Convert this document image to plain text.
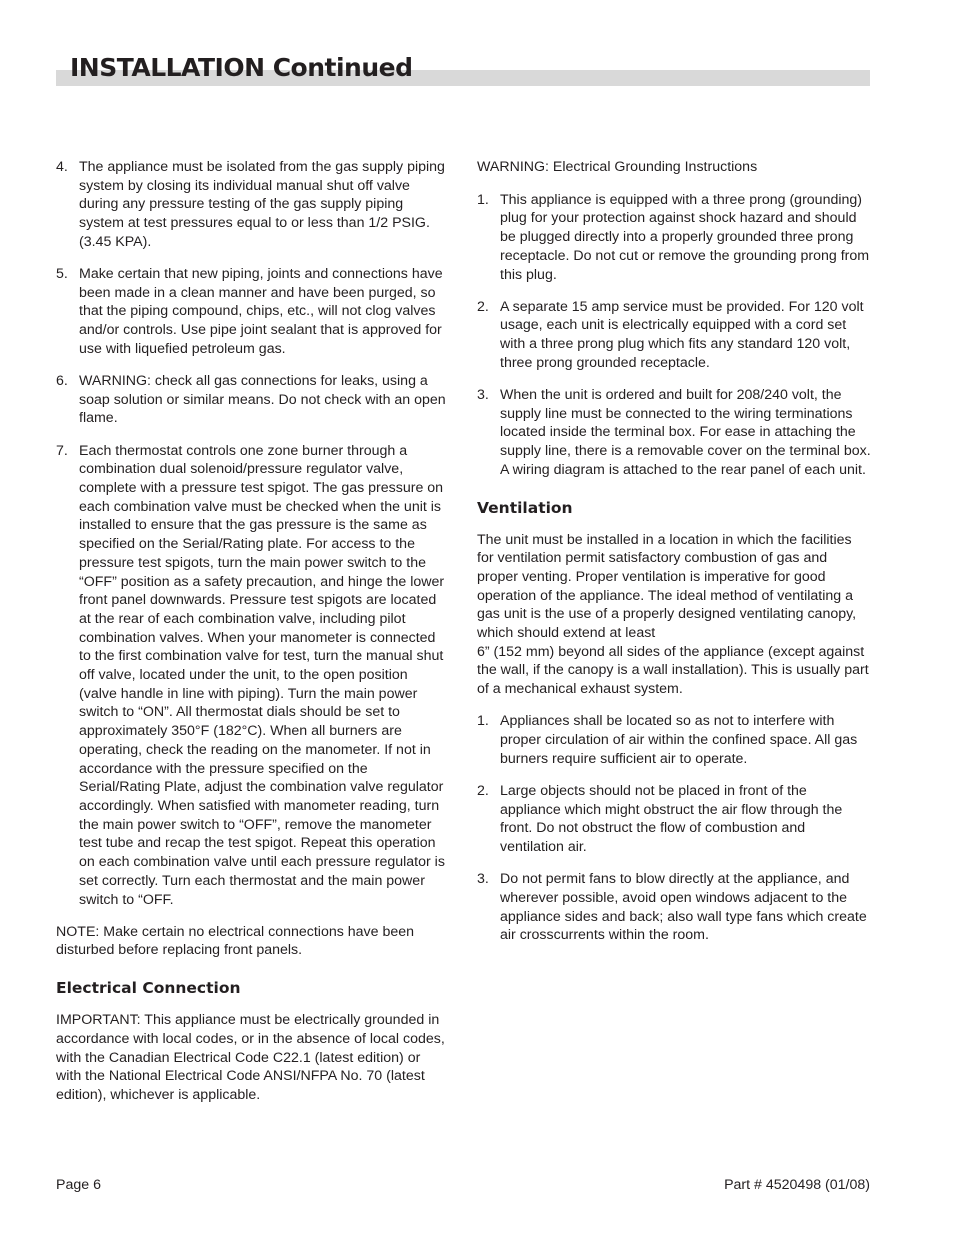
INSTALLATION Continued
4. The appliance must be isolated from the gas supply piping system by closing its individual manual shut off valve during any pressure testing of the gas supply piping system at test pressures equal to or less than 1/2 PSIG. (3.45 KPA).
5. Make certain that new piping, joints and connections have been made in a clean manner and have been purged, so that the piping compound, chips, etc., will not clog valves and/or controls. Use pipe joint sealant that is approved for use with liquefied petroleum gas.
6. WARNING: check all gas connections for leaks, using a soap solution or similar means. Do not check with an open flame.
7. Each thermostat controls one zone burner through a combination dual solenoid/pressure regulator valve, complete with a pressure test spigot. The gas pressure on each combination valve must be checked when the unit is installed to ensure that the gas pressure is the same as specified on the Serial/Rating plate. For access to the pressure test spigots, turn the main power switch to the “OFF” position as a safety precaution, and hinge the lower front panel downwards. Pressure test spigots are located at the rear of each combination valve, including pilot combination valves. When your manometer is connected to the first combination valve for test, turn the manual shut off valve, located under the unit, to the open position (valve handle in line with piping). Turn the main power switch to “ON”. All thermostat dials should be set to approximately 350°F (182°C). When all burners are operating, check the reading on the manometer. If not in accordance with the pressure specified on the Serial/Rating Plate, adjust the combination valve regulator accordingly. When satisfied with manometer reading, turn the main power switch to “OFF”, remove the manometer test tube and recap the test spigot. Repeat this operation on each combination valve until each pressure regulator is set correctly. Turn each thermostat and the main power switch to “OFF.
NOTE: Make certain no electrical connections have been disturbed before replacing front panels.
Electrical Connection
IMPORTANT: This appliance must be electrically grounded in accordance with local codes, or in the absence of local codes, with the Canadian Electrical Code C22.1 (latest edition) or with the National Electrical Code ANSI/NFPA No. 70 (latest edition), whichever is applicable.
WARNING: Electrical Grounding Instructions
1. This appliance is equipped with a three prong (grounding) plug for your protection against shock hazard and should be plugged directly into a properly grounded three prong receptacle. Do not cut or remove the grounding prong from this plug.
2. A separate 15 amp service must be provided. For 120 volt usage, each unit is electrically equipped with a cord set with a three prong plug which fits any standard 120 volt, three prong grounded receptacle.
3. When the unit is ordered and built for 208/240 volt, the supply line must be connected to the wiring terminations located inside the terminal box. For ease in attaching the supply line, there is a removable cover on the terminal box. A wiring diagram is attached to the rear panel of each unit.
Ventilation
The unit must be installed in a location in which the facilities for ventilation permit satisfactory combustion of gas and proper venting. Proper ventilation is imperative for good operation of the appliance. The ideal method of ventilating a gas unit is the use of a properly designed ventilating canopy, which should extend at least
6” (152 mm) beyond all sides of the appliance (except against the wall, if the canopy is a wall installation). This is usually part of a mechanical exhaust system.
1. Appliances shall be located so as not to interfere with proper circulation of air within the confined space. All gas burners require sufficient air to operate.
2. Large objects should not be placed in front of the appliance which might obstruct the air flow through the front. Do not obstruct the flow of combustion and ventilation air.
3. Do not permit fans to blow directly at the appliance, and wherever possible, avoid open windows adjacent to the appliance sides and back; also wall type fans which create air crosscurrents within the room.
Page 6	Part # 4520498 (01/08)
